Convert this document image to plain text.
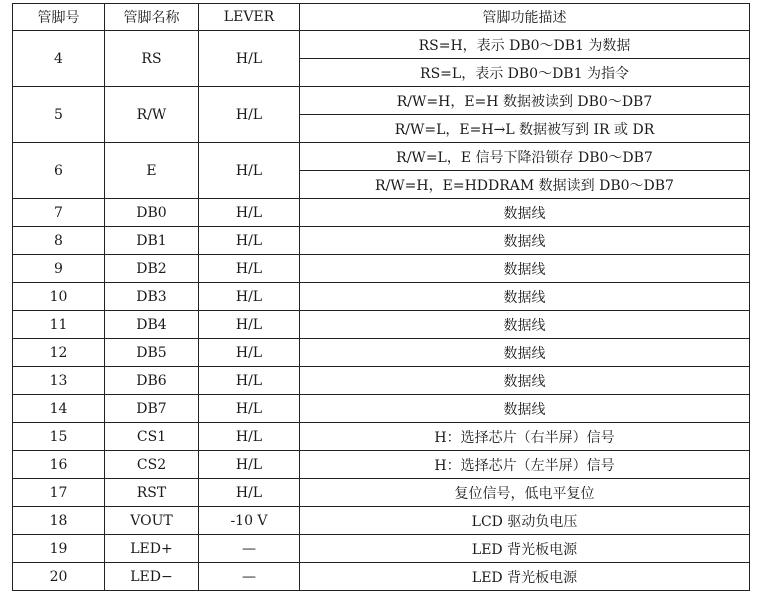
管脚号	管脚名称	LEVER	管脚功能描述
4	RS	H/L	RS=H，表示 DB0～DB1 为数据
			RS=L，表示 DB0～DB1 为指令
5	R/W	H/L	R/W=H，E=H 数据被读到 DB0～DB7
			R/W=L，E=H→L 数据被写到 IR 或 DR
6	E	H/L	R/W=L，E 信号下降沿锁存 DB0～DB7
			R/W=H，E=HDDRAM 数据读到 DB0～DB7
7	DB0	H/L	数据线
8	DB1	H/L	数据线
9	DB2	H/L	数据线
10	DB3	H/L	数据线
11	DB4	H/L	数据线
12	DB5	H/L	数据线
13	DB6	H/L	数据线
14	DB7	H/L	数据线
15	CS1	H/L	H：选择芯片（右半屏）信号
16	CS2	H/L	H：选择芯片（左半屏）信号
17	RST	H/L	复位信号，低电平复位
18	VOUT	-10 V	LCD 驱动负电压
19	LED+	—	LED 背光板电源
20	LED−	—	LED 背光板电源
